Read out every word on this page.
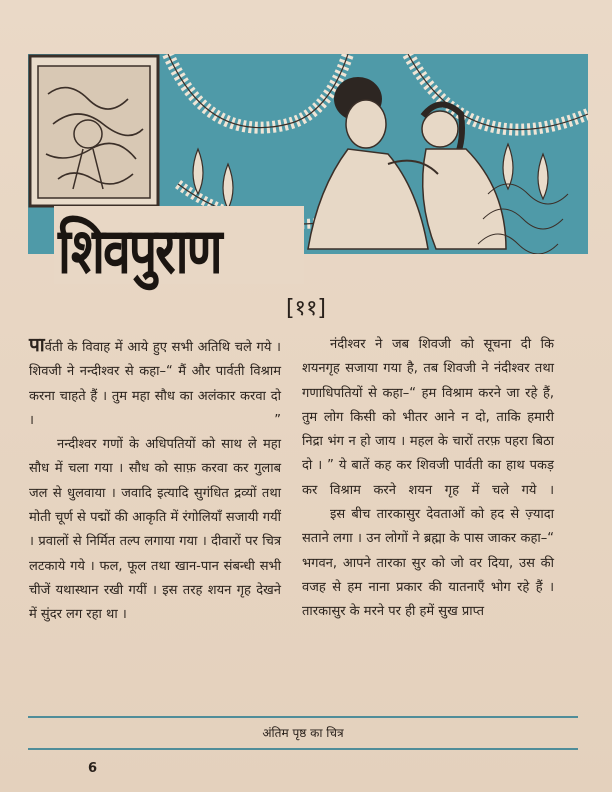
शिवपुराण
[११]

पार्वती के विवाह में आये हुए सभी अतिथि चले गये । शिवजी ने नन्दीश्वर से कहा–“ मैं और पार्वती विश्राम करना चाहते हैं । तुम महा सौध का अलंकार करवा दो । ”

नन्दीश्वर गणों के अधिपतियों को साथ ले महा सौध में चला गया । सौध को साफ़ करवा कर गुलाब जल से धुलवाया । जवादि इत्यादि सुगंधित द्रव्यों तथा मोती चूर्ण से पद्मों की आकृति में रंगोलियाँ सजायी गयीं । प्रवालों से निर्मित तल्प लगाया गया । दीवारों पर चित्र लटकाये गये । फल, फूल तथा खान-पान संबन्धी सभी चीजें यथास्थान रखी गयीं । इस तरह शयन गृह देखने में सुंदर लग रहा था ।

नंदीश्वर ने जब शिवजी को सूचना दी कि शयनगृह सजाया गया है, तब शिवजी ने नंदीश्वर तथा गणाधिपतियों से कहा–“ हम विश्राम करने जा रहे हैं, तुम लोग किसी को भीतर आने न दो, ताकि हमारी निद्रा भंग न हो जाय । महल के चारों तरफ़ पहरा बिठा दो । ” ये बातें कह कर शिवजी पार्वती का हाथ पकड़ कर विश्राम करने शयन गृह में चले गये ।

इस बीच तारकासुर देवताओं को हद से ज़्यादा सताने लगा । उन लोगों ने ब्रह्मा के पास जाकर कहा–“ भगवन, आपने तारका सुर को जो वर दिया, उस की वजह से हम नाना प्रकार की यातनाएँ भोग रहे हैं । तारकासुर के मरने पर ही हमें सुख प्राप्त

अंतिम पृष्ठ का चित्र
6
